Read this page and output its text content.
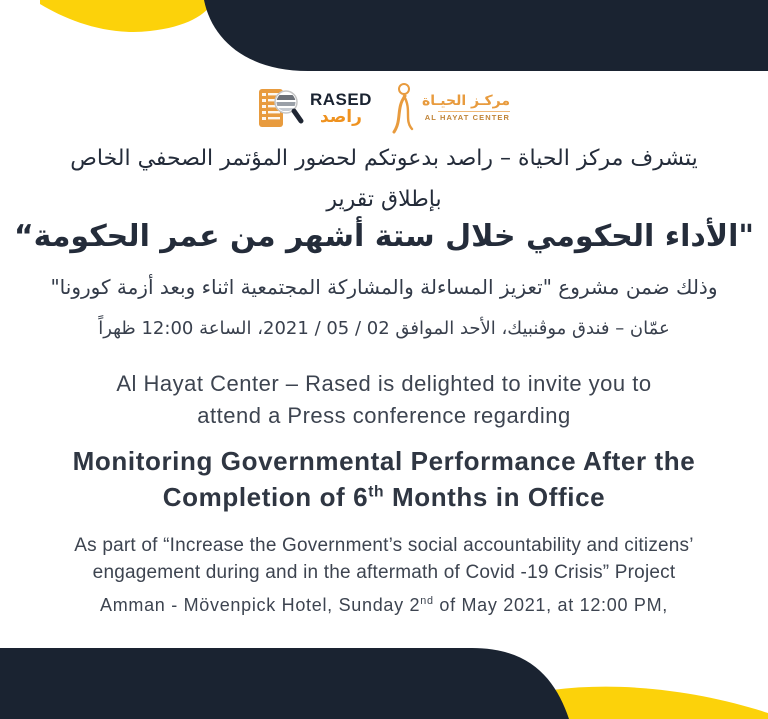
RASED
راصد
مركـز الحيـاة
AL HAYAT CENTER
يتشرف مركز الحياة – راصد بدعوتكم لحضور المؤتمر الصحفي الخاص
بإطلاق تقرير
"الأداء الحكومي خلال ستة أشهر من عمر الحكومة“
وذلك ضمن مشروع "تعزيز المساءلة والمشاركة المجتمعية اثناء وبعد أزمة كورونا"
عمّان – فندق موڤنبيك، الأحد الموافق 02 / 05 / 2021، الساعة 12:00 ظهراً
Al Hayat Center – Rased is delighted to invite you to
attend a Press conference regarding
Monitoring Governmental Performance After the
Completion of 6th Months in Office
As part of “Increase the Government’s social accountability and citizens’
engagement during and in the aftermath of Covid -19 Crisis” Project
Amman - Mövenpick Hotel, Sunday 2nd of May 2021, at 12:00 PM,
